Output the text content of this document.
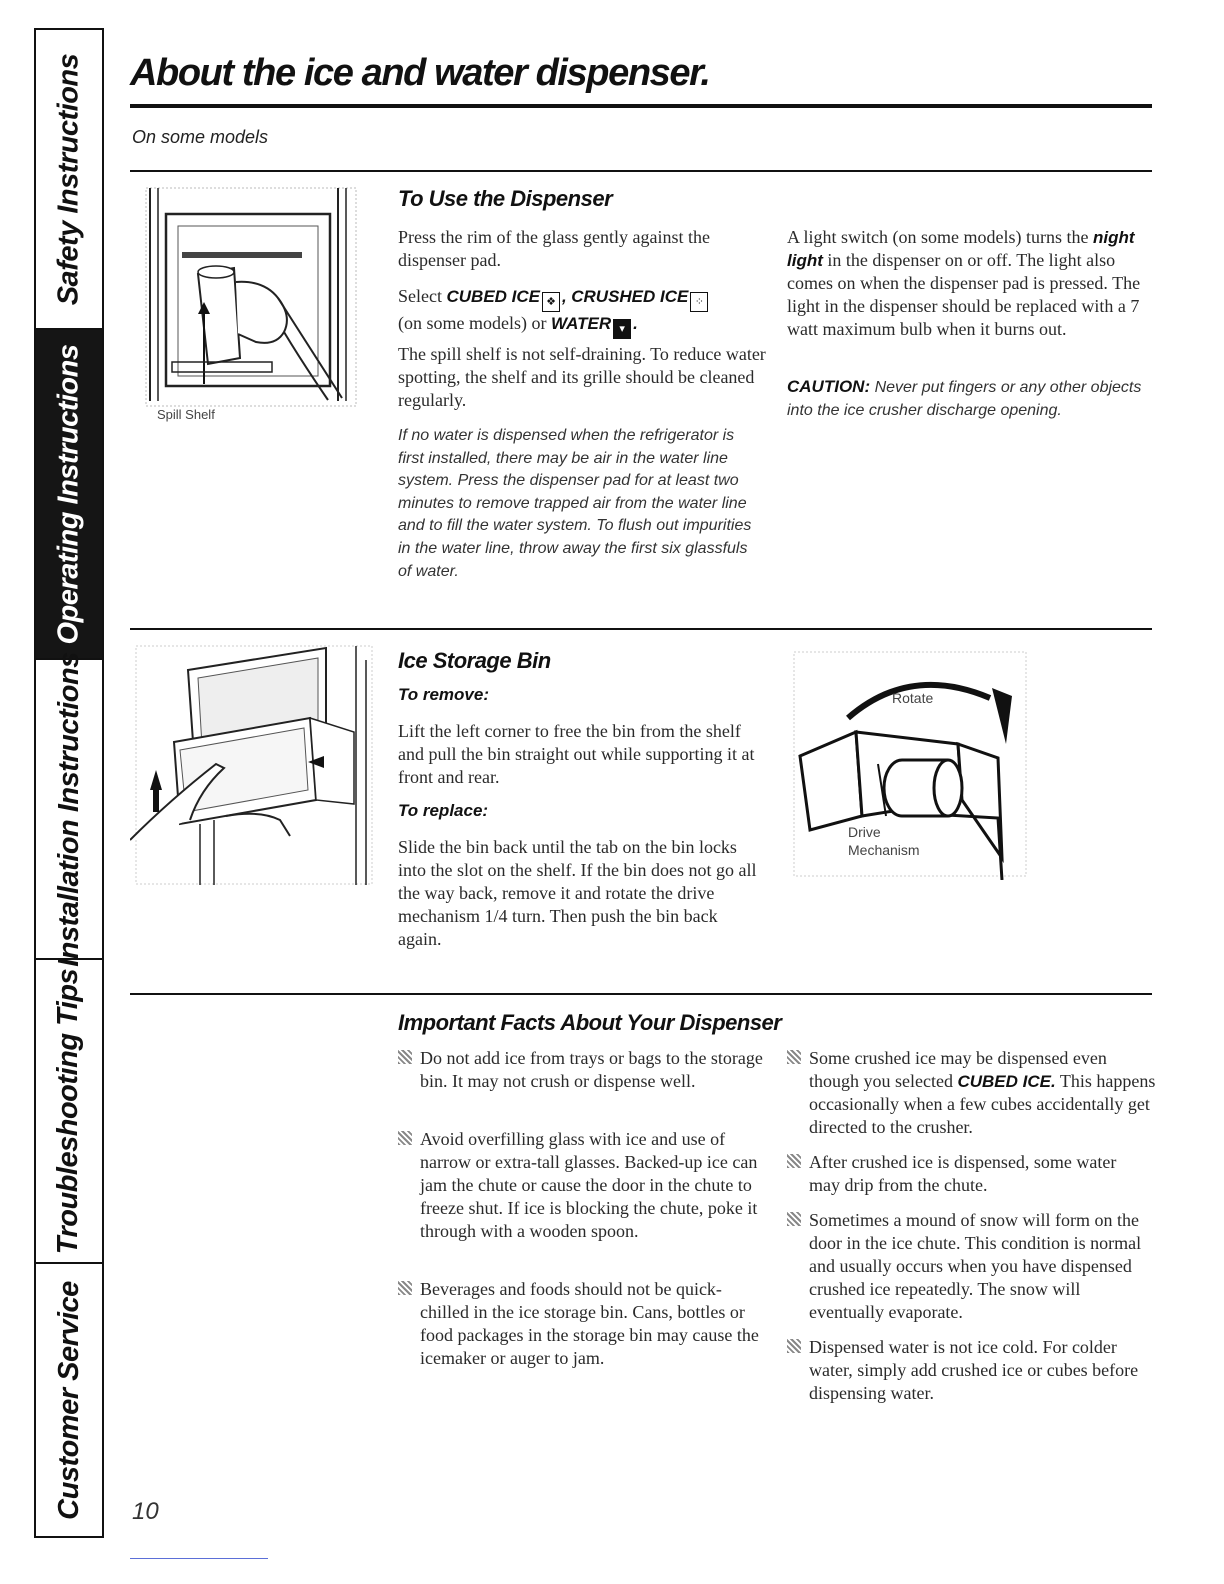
Safety Instructions
Operating Instructions
Installation Instructions
Troubleshooting Tips
Customer Service
About the ice and water dispenser.
On some models
Spill Shelf
To Use the Dispenser

Press the rim of the glass gently against the dispenser pad.

Select CUBED ICE ❖ , CRUSHED ICE ⁘
(on some models) or WATER ▾ .

The spill shelf is not self-draining. To reduce water spotting, the shelf and its grille should be cleaned regularly.

If no water is dispensed when the refrigerator is first installed, there may be air in the water line system. Press the dispenser pad for at least two minutes to remove trapped air from the water line and to fill the water system. To flush out impurities in the water line, throw away the first six glassfuls of water.

A light switch (on some models) turns the night light in the dispenser on or off. The light also comes on when the dispenser pad is pressed. The light in the dispenser should be replaced with a 7 watt maximum bulb when it burns out.

CAUTION: Never put fingers or any other objects into the ice crusher discharge opening.

Ice Storage Bin
To remove:

Lift the left corner to free the bin from the shelf and pull the bin straight out while supporting it at front and rear.

To replace:

Slide the bin back until the tab on the bin locks into the slot on the shelf. If the bin does not go all the way back, remove it and rotate the drive mechanism 1/4 turn. Then push the bin back again.

Rotate
Drive
Mechanism
Important Facts About Your Dispenser

Do not add ice from trays or bags to the storage bin. It may not crush or dispense well.

Avoid overfilling glass with ice and use of narrow or extra-tall glasses. Backed-up ice can jam the chute or cause the door in the chute to freeze shut. If ice is blocking the chute, poke it through with a wooden spoon.

Beverages and foods should not be quick-chilled in the ice storage bin. Cans, bottles or food packages in the storage bin may cause the icemaker or auger to jam.

Some crushed ice may be dispensed even though you selected CUBED ICE. This happens occasionally when a few cubes accidentally get directed to the crusher.

After crushed ice is dispensed, some water may drip from the chute.

Sometimes a mound of snow will form on the door in the ice chute. This condition is normal and usually occurs when you have dispensed crushed ice repeatedly. The snow will eventually evaporate.

Dispensed water is not ice cold. For colder water, simply add crushed ice or cubes before dispensing water.

10
